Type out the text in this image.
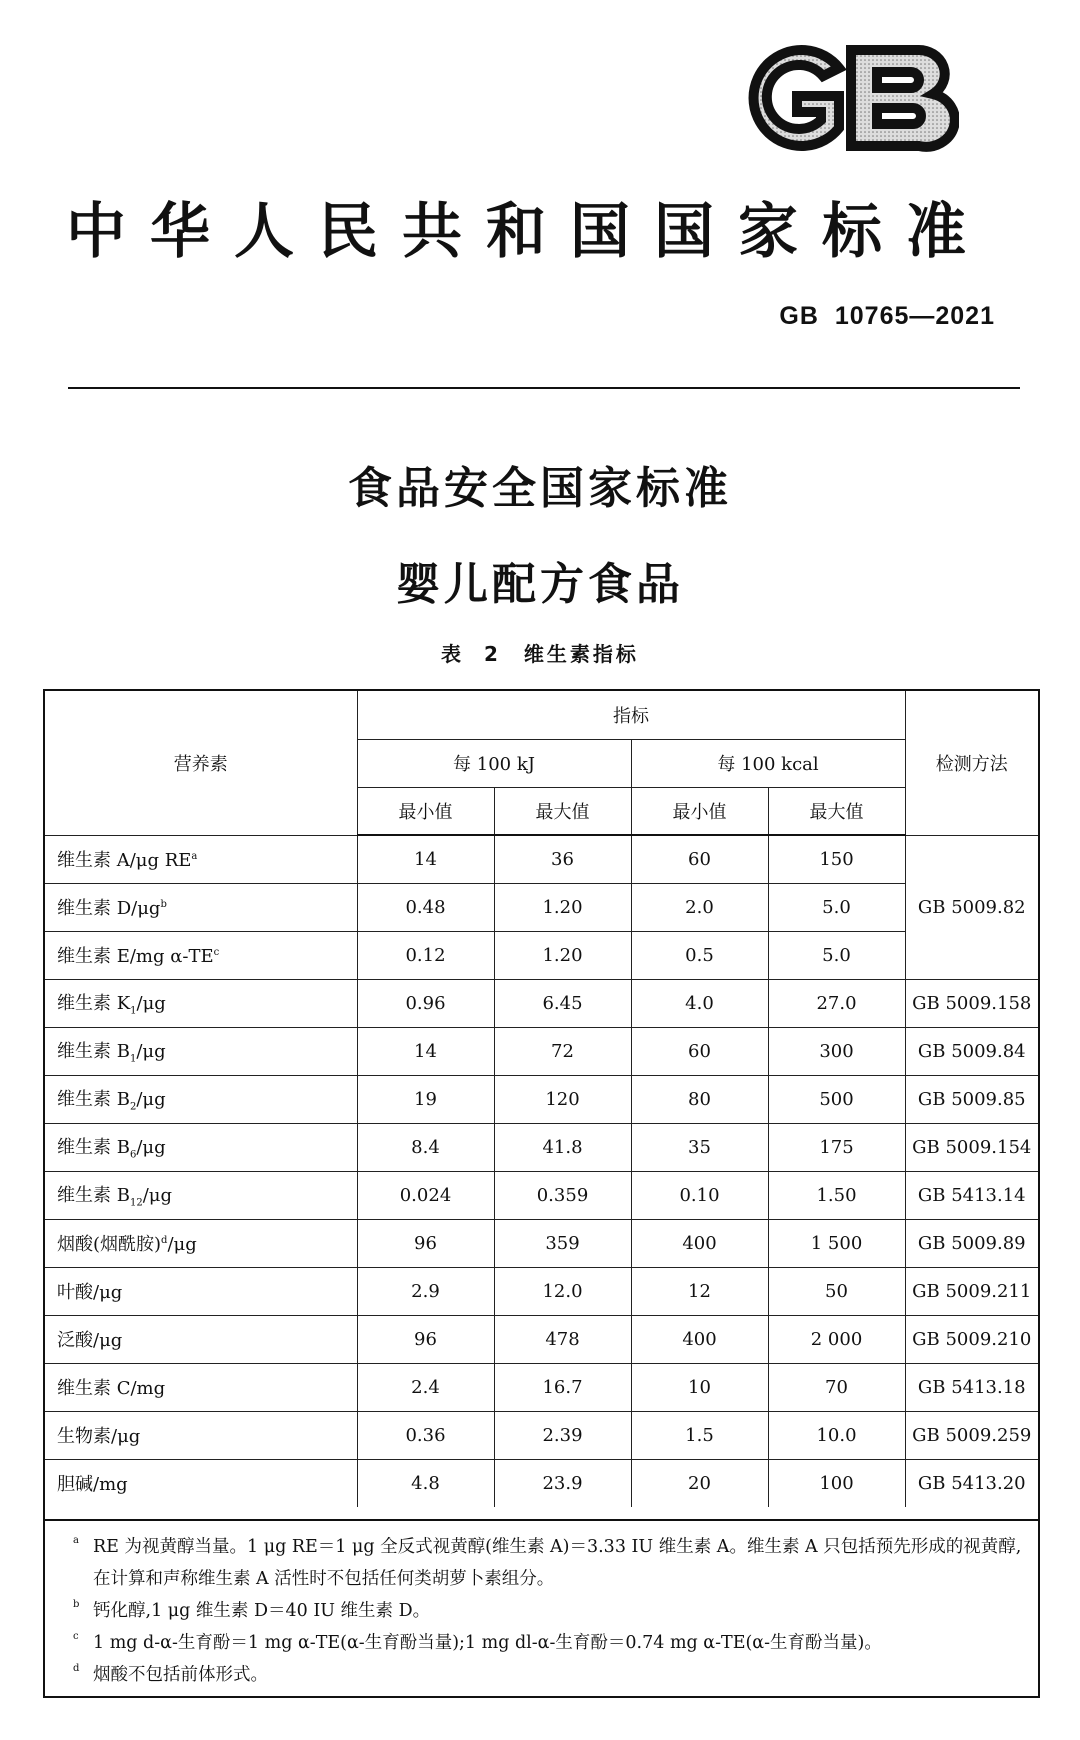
中华人民共和国国家标准
GB 10765—2021
食品安全国家标准
婴儿配方食品
表 2　维生素指标
营养素	指标				检测方法
	每 100 kJ		每 100 kcal		
	最小值	最大值	最小值	最大值	
维生素 A/μg $RE^a$	14	36	60	150	GB 5009.82
维生素 $D/\mu g^b$	0.48	1.20	2.0	5.0	
维生素 E/mg $\alpha-TE^c$	0.12	1.20	0.5	5.0	
维生素 $K_1/\mu g$	0.96	6.45	4.0	27.0	GB 5009.158
维生素 $B_1/\mu g$	14	72	60	300	GB 5009.84
维生素 $B_2/\mu g$	19	120	80	500	GB 5009.85
维生素 $B_6/\mu g$	8.4	41.8	35	175	GB 5009.154
维生素 $B_{12}/\mu g$	0.024	0.359	0.10	1.50	GB 5413.14
烟酸(烟酰胺)$^d$/μg	96	359	400	1 500	GB 5009.89
叶酸/μg	2.9	12.0	12	50	GB 5009.211
泛酸/μg	96	478	400	2 000	GB 5009.210
维生素 C/mg	2.4	16.7	10	70	GB 5413.18
生物素/μg	0.36	2.39	1.5	10.0	GB 5009.259
胆碱/mg	4.8	23.9	20	100	GB 5413.20
a RE 为视黄醇当量。1 μg RE＝1 μg 全反式视黄醇(维生素 A)＝3.33 IU 维生素 A。维生素 A 只包括预先形成的视黄醇,在计算和声称维生素 A 活性时不包括任何类胡萝卜素组分。
b 钙化醇,1 μg 维生素 D＝40 IU 维生素 D。
c 1 mg d-α-生育酚＝1 mg α-TE(α-生育酚当量);1 mg dl-α-生育酚＝0.74 mg α-TE(α-生育酚当量)。
d 烟酸不包括前体形式。
